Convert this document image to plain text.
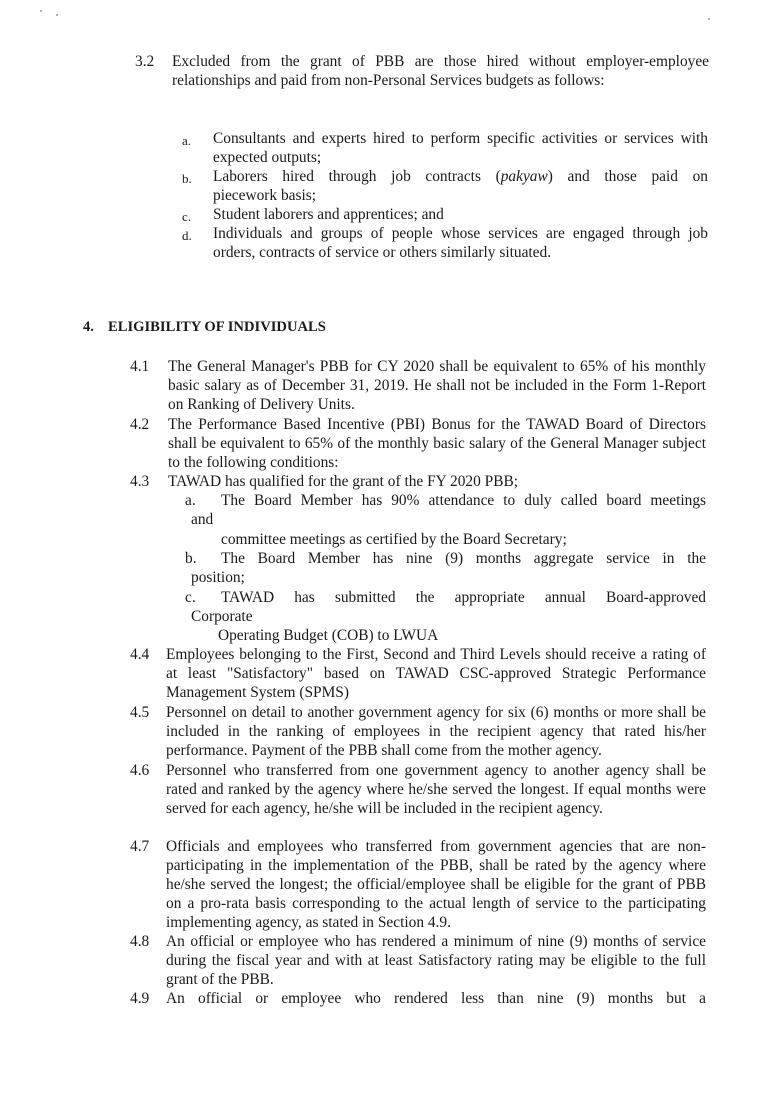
3.2 Excluded from the grant of PBB are those hired without employer-employee relationships and paid from non-Personal Services budgets as follows:
a. Consultants and experts hired to perform specific activities or services with expected outputs;
b. Laborers hired through job contracts (pakyaw) and those paid on
piecework basis;
c. Student laborers and apprentices; and
d. Individuals and groups of people whose services are engaged through job orders, contracts of service or others similarly situated.
4. ELIGIBILITY OF INDIVIDUALS
4.1 The General Manager's PBB for CY 2020 shall be equivalent to 65% of his monthly basic salary as of December 31, 2019. He shall not be included in the Form 1-Report on Ranking of Delivery Units.
4.2 The Performance Based Incentive (PBI) Bonus for the TAWAD Board of Directors shall be equivalent to 65% of the monthly basic salary of the General Manager subject to the following conditions:
4.3 TAWAD has qualified for the grant of the FY 2020 PBB;
a. The Board Member has 90% attendance to duly called board meetings
and
committee meetings as certified by the Board Secretary;
b. The Board Member has nine (9) months aggregate service in the
position;
c. TAWAD has submitted the appropriate annual Board-approved
Corporate
Operating Budget (COB) to LWUA
4.4 Employees belonging to the First, Second and Third Levels should receive a rating of at least "Satisfactory" based on TAWAD CSC-approved Strategic Performance Management System (SPMS)
4.5 Personnel on detail to another government agency for six (6) months or more shall be included in the ranking of employees in the recipient agency that rated his/her performance. Payment of the PBB shall come from the mother agency.
4.6 Personnel who transferred from one government agency to another agency shall be rated and ranked by the agency where he/she served the longest. If equal months were served for each agency, he/she will be included in the recipient agency.
4.7 Officials and employees who transferred from government agencies that are non-participating in the implementation of the PBB, shall be rated by the agency where he/she served the longest; the official/employee shall be eligible for the grant of PBB on a pro-rata basis corresponding to the actual length of service to the participating implementing agency, as stated in Section 4.9.
4.8 An official or employee who has rendered a minimum of nine (9) months of service during the fiscal year and with at least Satisfactory rating may be eligible to the full grant of the PBB.
4.9 An official or employee who rendered less than nine (9) months but a
